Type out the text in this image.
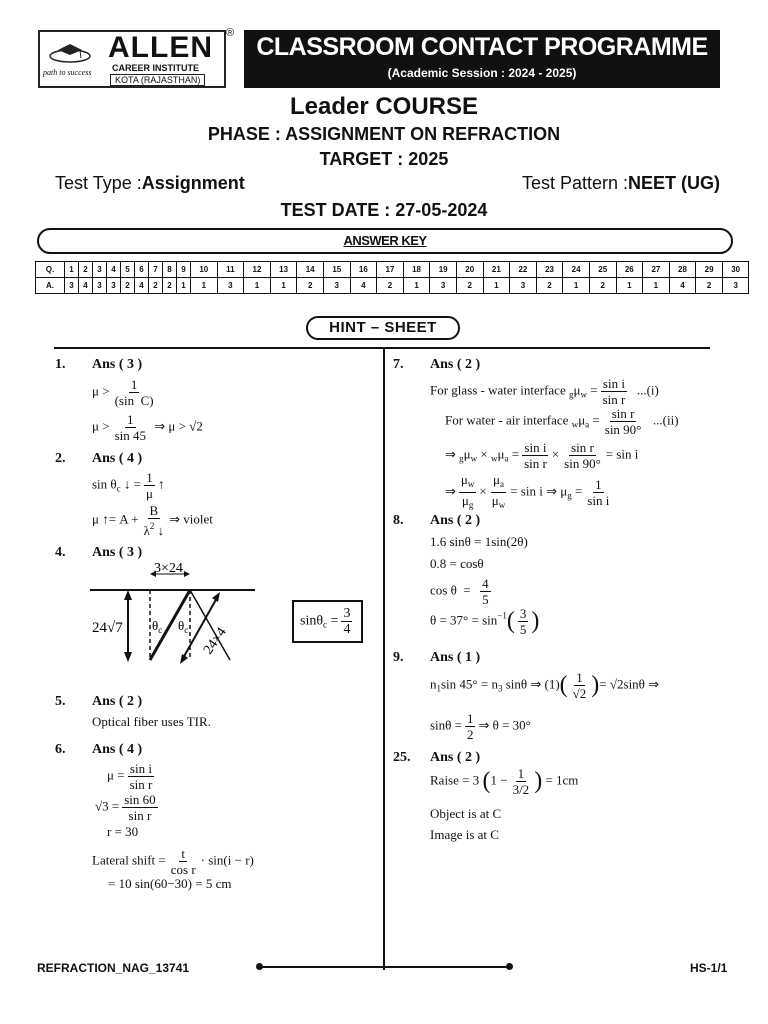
path to success
ALLEN
CAREER INSTITUTE
KOTA (RAJASTHAN)
® CLASSROOM CONTACT PROGRAMME
(Academic Session : 2024 - 2025)
Leader COURSE
PHASE : ASSIGNMENT ON REFRACTION
TARGET : 2025
Test Type :Assignment	Test Pattern :NEET (UG)
TEST DATE : 27-05-2024
ANSWER KEY
Q.	1	2	3	4	5	6	7	8	9	10	11	12	13	14	15	16	17	18	19	20	21	22	23	24	25	26	27	28	29	30
A.	3	4	3	3	2	4	2	2	1	1	3	1	1	2	3	4	2	1	3	2	1	3	2	1	2	1	1	4	2	3
HINT – SHEET
1. Ans ( 3 )
$\mu > \frac{1}{\text{(sin  C)}}$
$\mu > \frac{1}{\sin 45}$ ⇒ μ > √2
2. Ans ( 4 )
$\sin \theta_c$ ↓ = $\frac{1}{\mu}$ ↑
μ ↑= $A + \frac{B}{\lambda^2 ↓}$ ⇒ violet
4. Ans ( 3 )
3×24
24√7 $\theta_c$ $\theta_c$ 24×4
$\sin\theta_c = \frac{3}{4}$
5. Ans ( 2 )
Optical fiber uses TIR.
6. Ans ( 4 )
$\mu = \frac{\text{sin i}}{\text{sin r}}$
$√3 = \frac{\sin 60}{\text{sin r}}$
r = 30
Lateral shift = $\frac{t}{\text{cos r}} \cdot \sin(i - r)$
= 10 sin(60−30) = 5 cm
7. Ans ( 2 )
For glass - water interface $_g\mu_w = \frac{\text{sin i}}{\text{sin r}} ...(i)$
For water - air interface $_w\mu_a = \frac{\text{sin r}}{\sin 90^\circ} ...(ii)$
⇒ $_g\mu_w \times _w\mu_a = \frac{\text{sin i}}{\text{sin r}} \times \frac{\text{sin r}}{\sin 90^\circ} = \sin i$
⇒ $\frac{\mu_w}{\mu_g} \times \frac{\mu_a}{\mu_w} = \sin i$ ⇒ $\mu_g = \frac{1}{\text{sin i}}$
8. Ans ( 2 )
1.6 sinθ = 1sin(2θ)
0.8 = cosθ
$\cos \theta = \frac{4}{5}$
$\theta = 37^\circ = \sin^{-1}( \frac{3}{5}$ )
9. Ans ( 1 )
$n_1\sin$ $45^\circ = n_3$ sinθ ⇒ $(1)( \frac{1}{√2}$ )= √2sinθ ⇒
$\sin\theta = \frac{1}{2}$ ⇒ θ = 30°
25. Ans ( 2 )
Raise = 3 ($1 - \frac{1}{3/2}$ ) = 1cm
Object is at C
Image is at C
REFRACTION_NAG_13741	HS-1/1
